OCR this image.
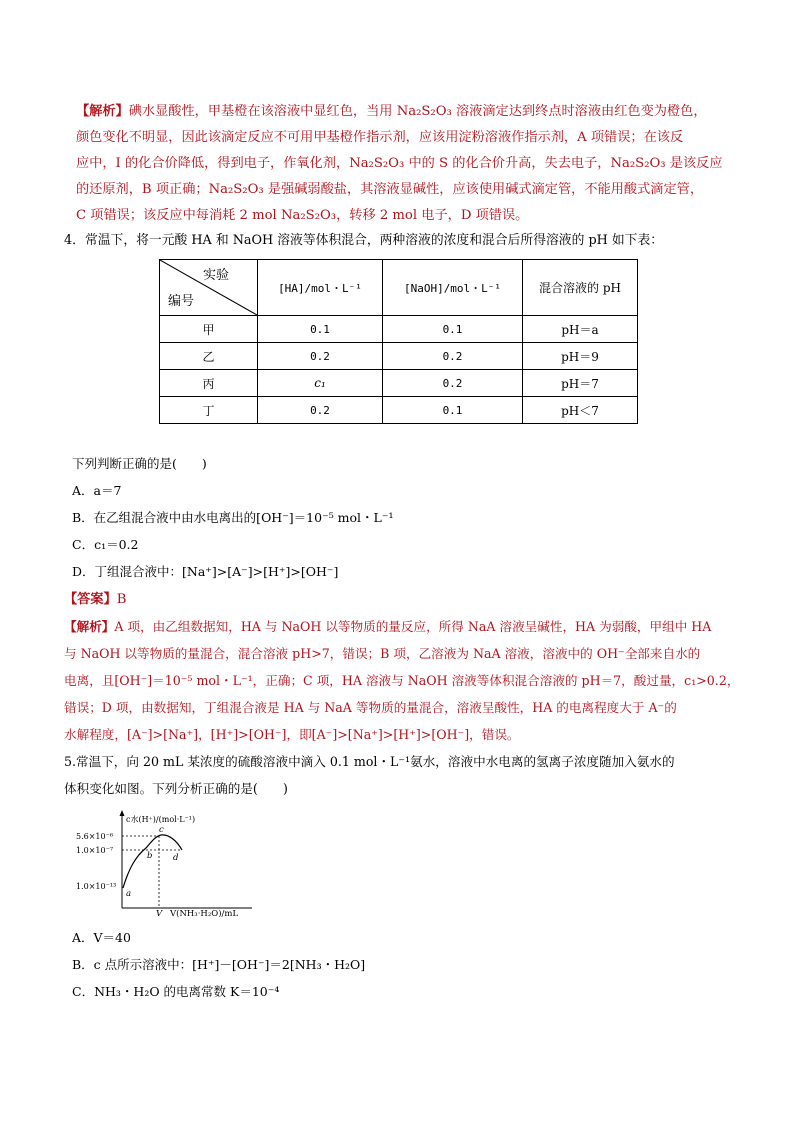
【解析】碘水显酸性，甲基橙在该溶液中显红色，当用 Na₂S₂O₃ 溶液滴定达到终点时溶液由红色变为橙色，
颜色变化不明显，因此该滴定反应不可用甲基橙作指示剂，应该用淀粉溶液作指示剂，A 项错误；在该反
应中，I 的化合价降低，得到电子，作氧化剂，Na₂S₂O₃ 中的 S 的化合价升高，失去电子，Na₂S₂O₃ 是该反应
的还原剂，B 项正确；Na₂S₂O₃ 是强碱弱酸盐，其溶液显碱性，应该使用碱式滴定管，不能用酸式滴定管，
C 项错误；该反应中每消耗 2 mol Na₂S₂O₃，转移 2 mol 电子，D 项错误。
4．常温下，将一元酸 HA 和 NaOH 溶液等体积混合，两种溶液的浓度和混合后所得溶液的 pH 如下表：
实验
编号	[HA]/mol・L⁻¹	[NaOH]/mol・L⁻¹	混合溶液的 pH
甲	0.1	0.1	pH＝a
乙	0.2	0.2	pH＝9
丙	c₁	0.2	pH＝7
丁	0.2	0.1	pH＜7
下列判断正确的是(　　)
A．a＝7
B．在乙组混合液中由水电离出的[OH⁻]＝10⁻⁵ mol・L⁻¹
C．c₁＝0.2
D．丁组混合液中：[Na⁺]>[A⁻]>[H⁺]>[OH⁻]
【答案】B
【解析】A 项，由乙组数据知，HA 与 NaOH 以等物质的量反应，所得 NaA 溶液呈碱性，HA 为弱酸，甲组中 HA
与 NaOH 以等物质的量混合，混合溶液 pH>7，错误；B 项，乙溶液为 NaA 溶液，溶液中的 OH⁻全部来自水的
电离，且[OH⁻]＝10⁻⁵ mol・L⁻¹，正确；C 项，HA 溶液与 NaOH 溶液等体积混合溶液的 pH＝7，酸过量，c₁>0.2，
错误；D 项，由数据知，丁组混合液是 HA 与 NaA 等物质的量混合，溶液呈酸性，HA 的电离程度大于 A⁻的
水解程度，[A⁻]>[Na⁺]，[H⁺]>[OH⁻]，即[A⁻]>[Na⁺]>[H⁺]>[OH⁻]，错误。
5.常温下，向 20 mL 某浓度的硫酸溶液中滴入 0.1 mol・L⁻¹氨水，溶液中水电离的氢离子浓度随加入氨水的
体积变化如图。下列分析正确的是(　　)
c水(H⁺)/(mol·L⁻¹)
V(NH₃·H₂O)/mL
5.6×10⁻⁶
1.0×10⁻⁷
1.0×10⁻¹³
V
a
b
c
d
A．V＝40
B．c 点所示溶液中：[H⁺]－[OH⁻]＝2[NH₃・H₂O]
C．NH₃・H₂O 的电离常数 K＝10⁻⁴
